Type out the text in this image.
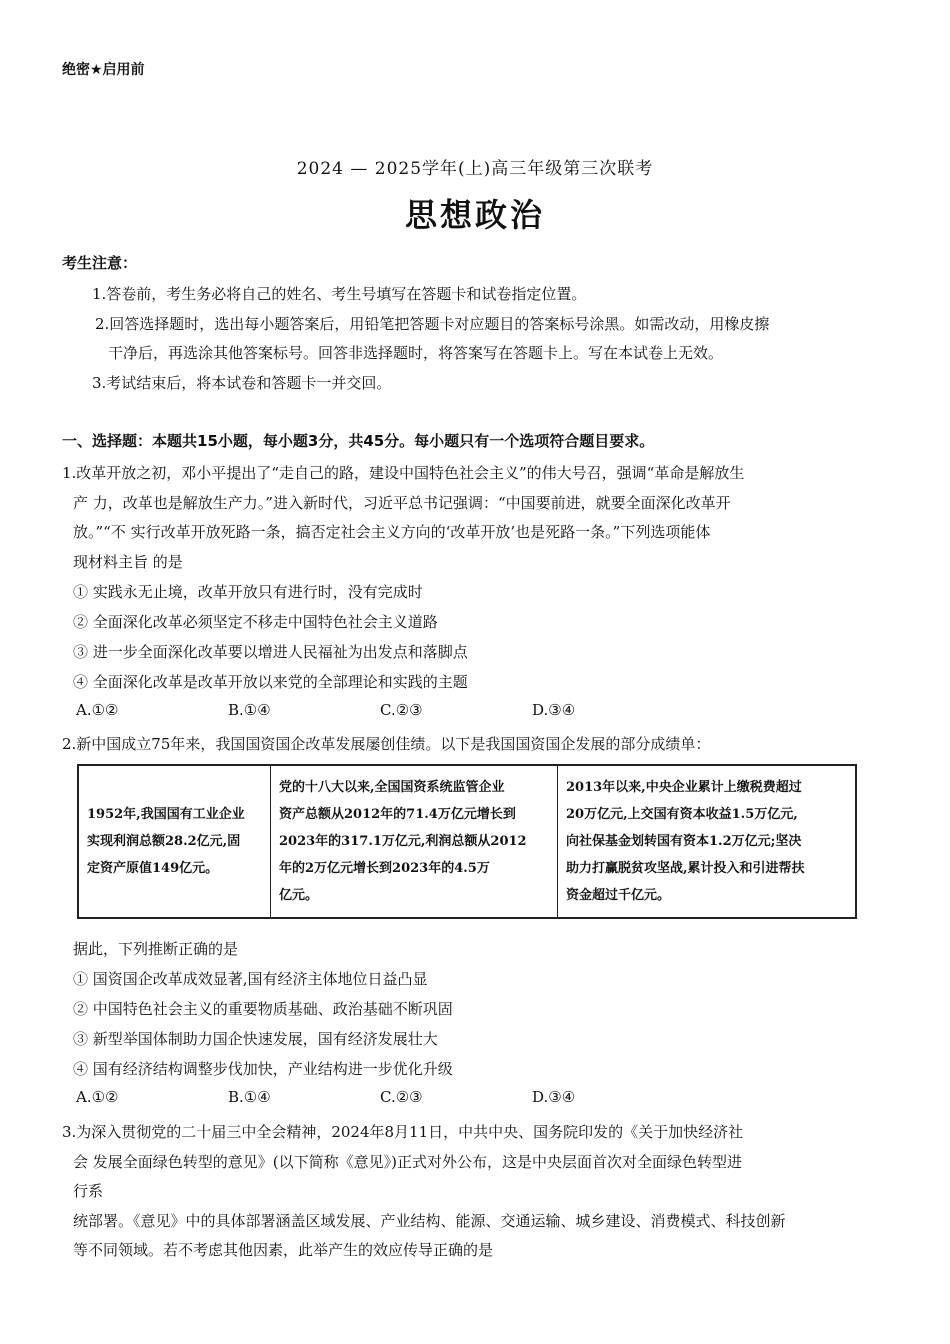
绝密★启用前
2024 — 2025学年(上)高三年级第三次联考
思想政治
考生注意：
1.答卷前，考生务必将自己的姓名、考生号填写在答题卡和试卷指定位置。
2.回答选择题时，选出每小题答案后，用铅笔把答题卡对应题目的答案标号涂黑。如需改动，用橡皮擦
干净后，再选涂其他答案标号。回答非选择题时，将答案写在答题卡上。写在本试卷上无效。
3.考试结束后，将本试卷和答题卡一并交回。
一、选择题：本题共15小题，每小题3分，共45分。每小题只有一个选项符合题目要求。
1.改革开放之初，邓小平提出了“走自己的路，建设中国特色社会主义”的伟大号召，强调“革命是解放生
产 力，改革也是解放生产力。”进入新时代，习近平总书记强调：“中国要前进，就要全面深化改革开
放。”“不 实行改革开放死路一条，搞否定社会主义方向的‘改革开放’也是死路一条。”下列选项能体
现材料主旨 的是
① 实践永无止境，改革开放只有进行时，没有完成时
② 全面深化改革必须坚定不移走中国特色社会主义道路
③ 进一步全面深化改革要以增进人民福祉为出发点和落脚点
④ 全面深化改革是改革开放以来党的全部理论和实践的主题
A.①②	B.①④	C.②③	D.③④
2.新中国成立75年来，我国国资国企改革发展屡创佳绩。以下是我国国资国企发展的部分成绩单：
1952年,我国国有工业企业
实现利润总额28.2亿元,固
定资产原值149亿元。

党的十八大以来,全国国资系统监管企业
资产总额从2012年的71.4万亿元增长到
2023年的317.1万亿元,利润总额从2012
年的2万亿元增长到2023年的4.5万
亿元。

2013年以来,中央企业累计上缴税费超过
20万亿元,上交国有资本收益1.5万亿元,
向社保基金划转国有资本1.2万亿元;坚决
助力打赢脱贫攻坚战,累计投入和引进帮扶
资金超过千亿元。
据此，下列推断正确的是
① 国资国企改革成效显著,国有经济主体地位日益凸显
② 中国特色社会主义的重要物质基础、政治基础不断巩固
③ 新型举国体制助力国企快速发展，国有经济发展壮大
④ 国有经济结构调整步伐加快，产业结构进一步优化升级
A.①②	B.①④	C.②③	D.③④
3.为深入贯彻党的二十届三中全会精神，2024年8月11日，中共中央、国务院印发的《关于加快经济社
会 发展全面绿色转型的意见》(以下简称《意见》)正式对外公布，这是中央层面首次对全面绿色转型进
行系
统部署。《意见》中的具体部署涵盖区域发展、产业结构、能源、交通运输、城乡建设、消费模式、科技创新
等不同领域。若不考虑其他因素，此举产生的效应传导正确的是
